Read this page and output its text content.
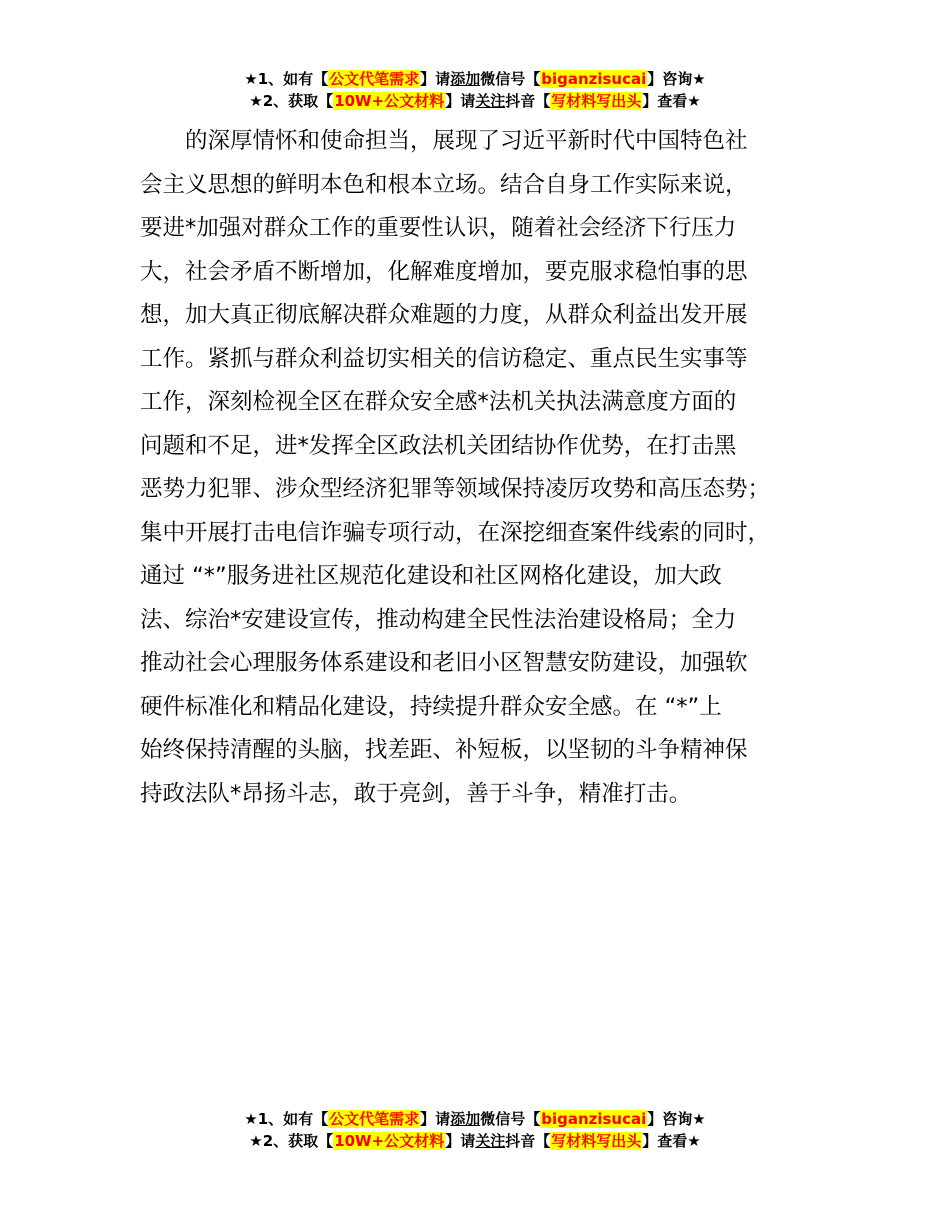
★1、如有【公文代笔需求】请添加微信号【biganzisucai】咨询★
★2、获取【10W+公文材料】请关注抖音【写材料写出头】查看★

的深厚情怀和使命担当，展现了习近平新时代中国特色社

会主义思想的鲜明本色和根本立场。结合自身工作实际来说，

要进*加强对群众工作的重要性认识，随着社会经济下行压力

大，社会矛盾不断增加，化解难度增加，要克服求稳怕事的思

想，加大真正彻底解决群众难题的力度，从群众利益出发开展

工作。紧抓与群众利益切实相关的信访稳定、重点民生实事等

工作，深刻检视全区在群众安全感*法机关执法满意度方面的

问题和不足，进*发挥全区政法机关团结协作优势，在打击黑

恶势力犯罪、涉众型经济犯罪等领域保持凌厉攻势和高压态势；

集中开展打击电信诈骗专项行动，在深挖细查案件线索的同时，

通过 “*”服务进社区规范化建设和社区网格化建设，加大政

法、综治*安建设宣传，推动构建全民性法治建设格局；全力

推动社会心理服务体系建设和老旧小区智慧安防建设，加强软

硬件标准化和精品化建设，持续提升群众安全感。在 “*”上

始终保持清醒的头脑，找差距、补短板，以坚韧的斗争精神保

持政法队*昂扬斗志，敢于亮剑，善于斗争，精准打击。

★1、如有【公文代笔需求】请添加微信号【biganzisucai】咨询★
★2、获取【10W+公文材料】请关注抖音【写材料写出头】查看★
